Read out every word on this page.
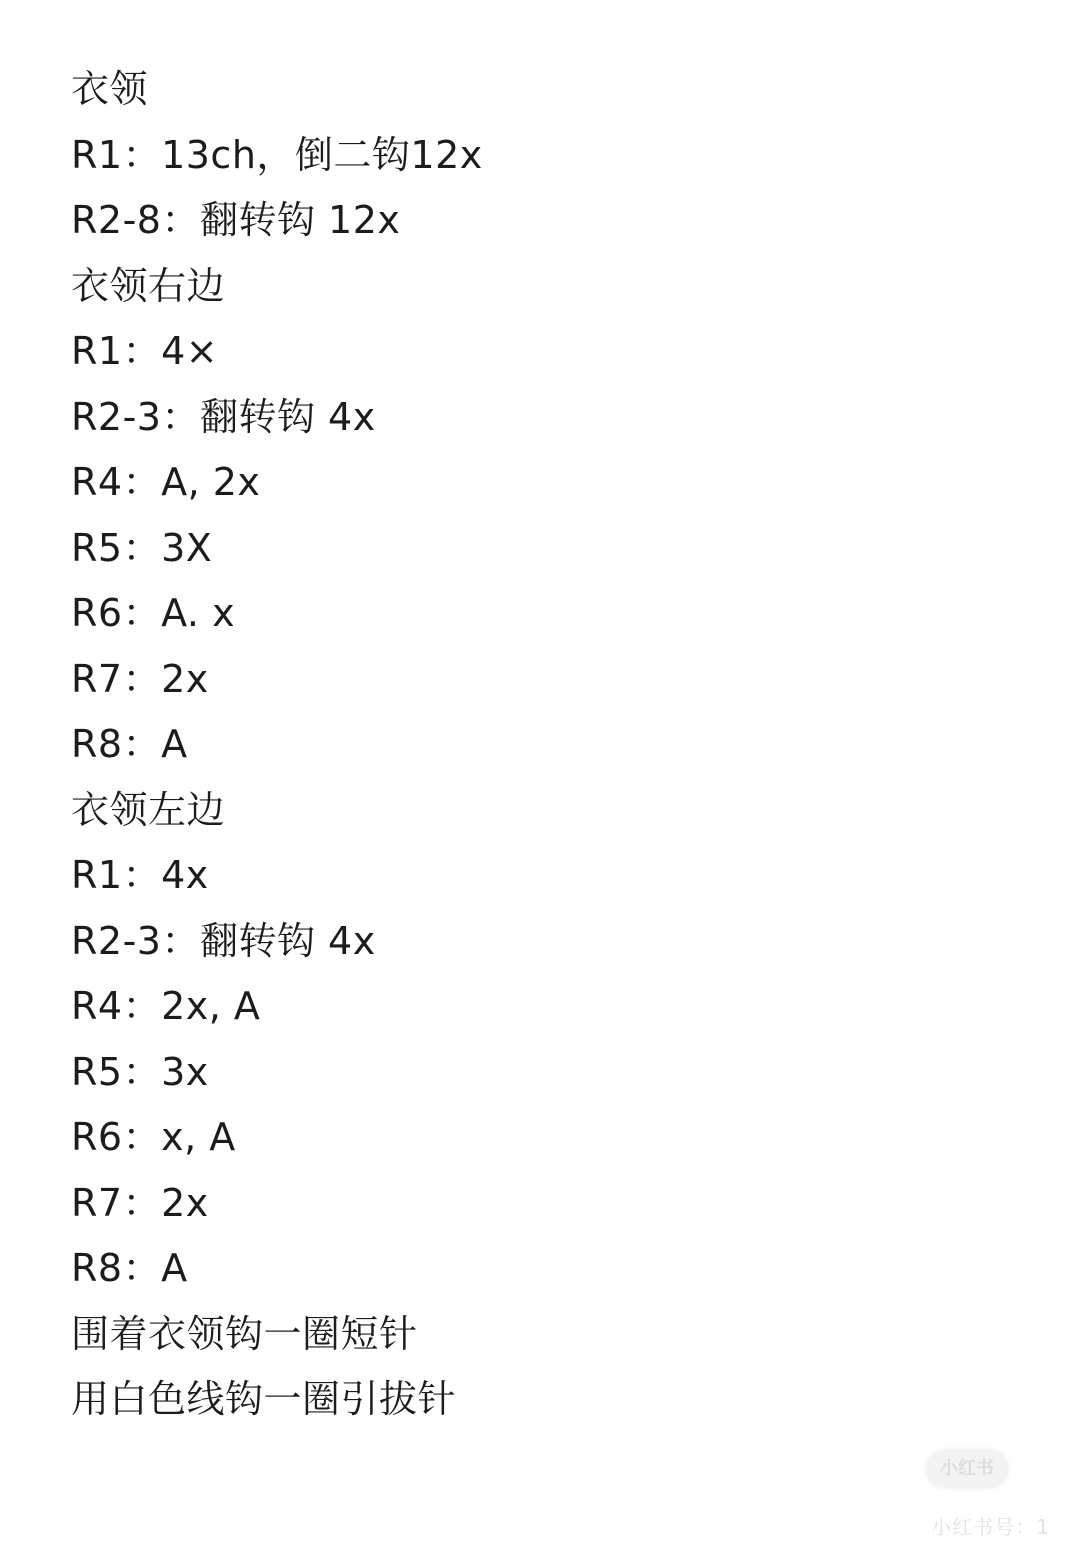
衣领
R1：13ch，倒二钩12x
R2-8：翻转钩 12x
衣领右边
R1：4×
R2-3：翻转钩 4x
R4：A, 2x
R5：3X
R6：A. x
R7：2x
R8：A
衣领左边
R1：4x
R2-3：翻转钩 4x
R4：2x, A
R5：3x
R6：x, A
R7：2x
R8：A
围着衣领钩一圈短针
用白色线钩一圈引拔针
小红书
小红书号：1
